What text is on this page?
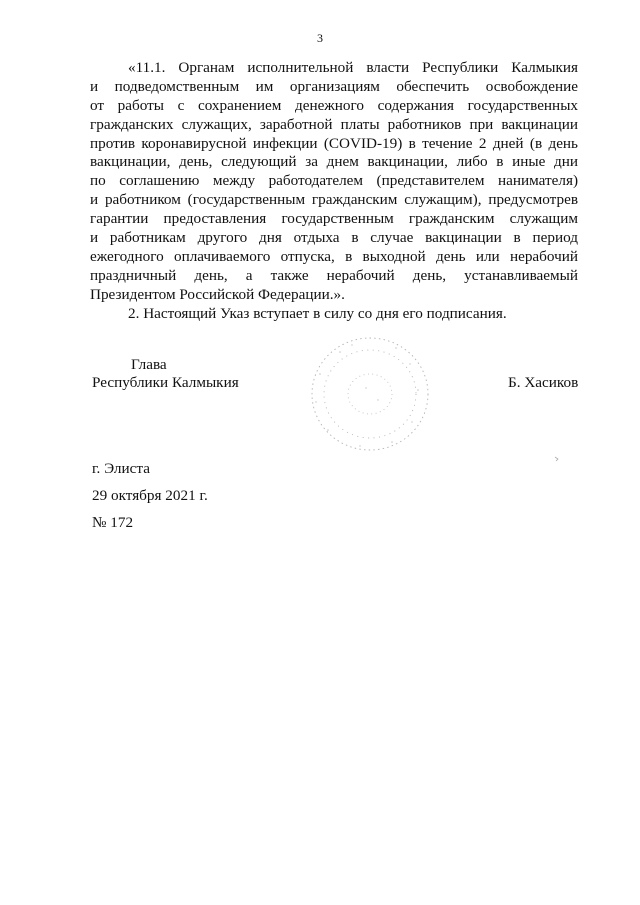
3
«11.1. Органам исполнительной власти Республики Калмыкия
и подведомственным им организациям обеспечить освобождение
от работы с сохранением денежного содержания государственных
гражданских служащих, заработной платы работников при вакцинации
против коронавирусной инфекции (COVID-19) в течение 2 дней (в день
вакцинации, день, следующий за днем вакцинации, либо в иные дни
по соглашению между работодателем (представителем нанимателя)
и работником (государственным гражданским служащим), предусмотрев
гарантии предоставления государственным гражданским служащим
и работникам другого дня отдыха в случае вакцинации в период
ежегодного оплачиваемого отпуска, в выходной день или нерабочий
праздничный день, а также нерабочий день, устанавливаемый
Президентом Российской Федерации.».
2. Настоящий Указ вступает в силу со дня его подписания.
Глава
Республики Калмыкия	Б. Хасиков
г. Элиста
29 октября 2021 г.
№ 172
